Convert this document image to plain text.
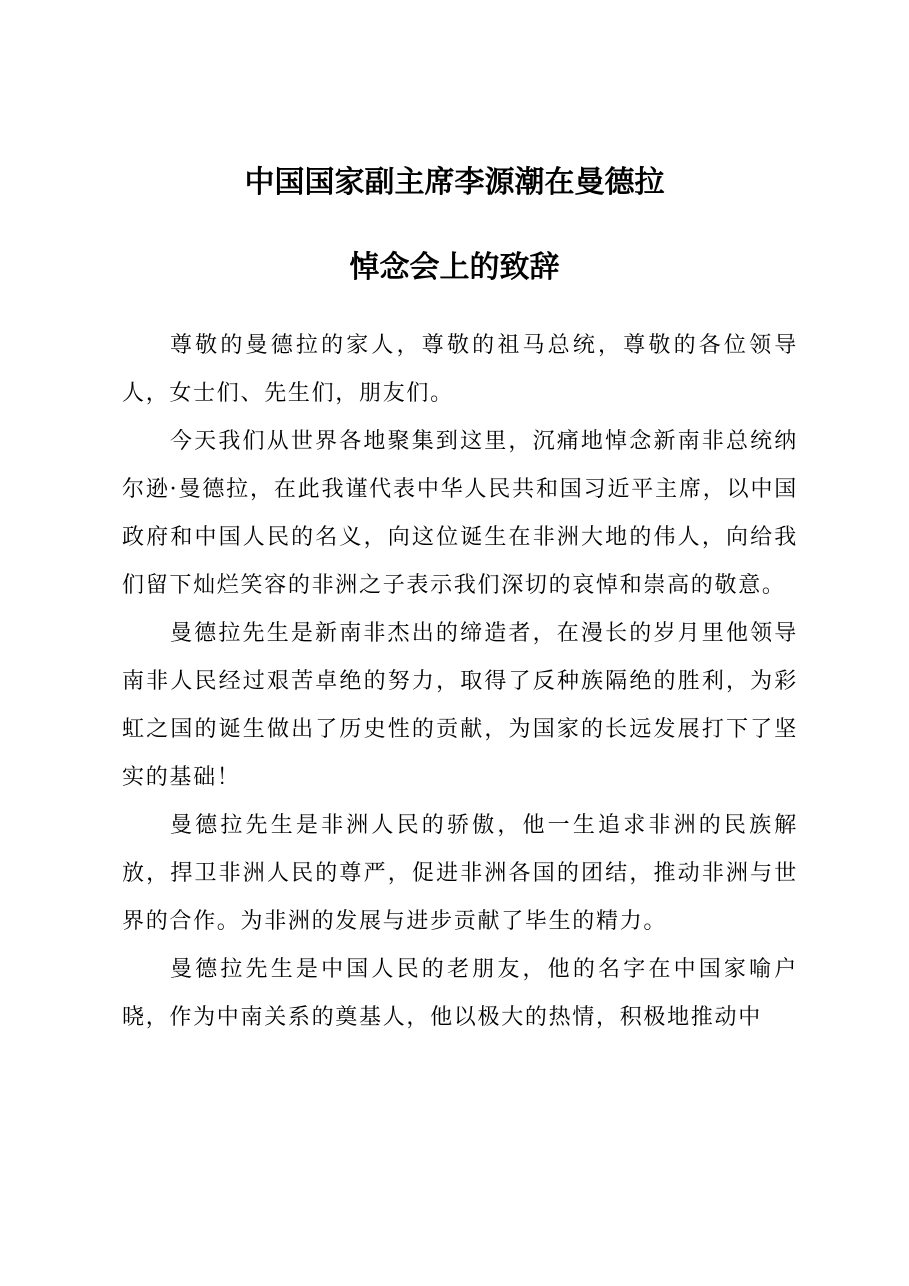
中国国家副主席李源潮在曼德拉
悼念会上的致辞

尊敬的曼德拉的家人，尊敬的祖马总统，尊敬的各位领导人，女士们、先生们，朋友们。

今天我们从世界各地聚集到这里，沉痛地悼念新南非总统纳尔逊·曼德拉，在此我谨代表中华人民共和国习近平主席，以中国政府和中国人民的名义，向这位诞生在非洲大地的伟人，向给我们留下灿烂笑容的非洲之子表示我们深切的哀悼和崇高的敬意。

曼德拉先生是新南非杰出的缔造者，在漫长的岁月里他领导南非人民经过艰苦卓绝的努力，取得了反种族隔绝的胜利，为彩虹之国的诞生做出了历史性的贡献，为国家的长远发展打下了坚实的基础！

曼德拉先生是非洲人民的骄傲，他一生追求非洲的民族解放，捍卫非洲人民的尊严，促进非洲各国的团结，推动非洲与世界的合作。为非洲的发展与进步贡献了毕生的精力。

曼德拉先生是中国人民的老朋友，他的名字在中国家喻户晓，作为中南关系的奠基人，他以极大的热情，积极地推动中
